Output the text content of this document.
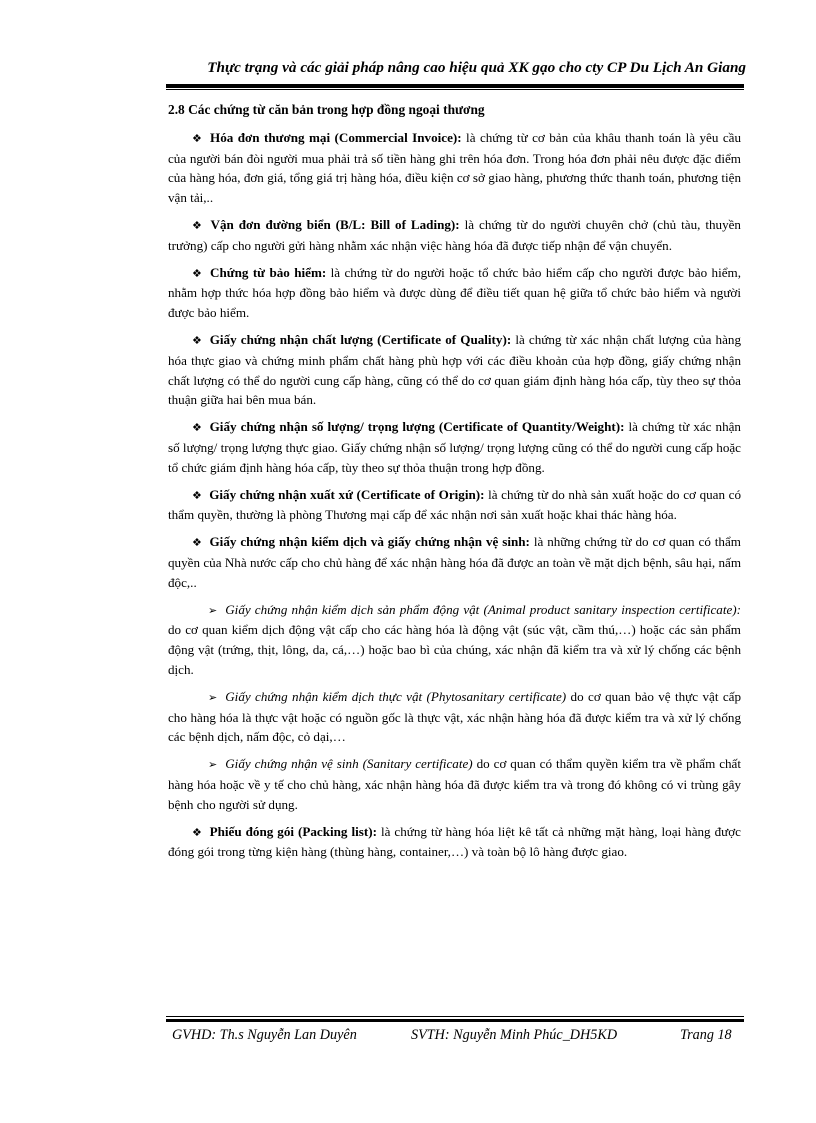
Thực trạng và các giải pháp nâng cao hiệu quả XK gạo cho cty CP Du Lịch An Giang
2.8 Các chứng từ căn bản trong hợp đồng ngoại thương

❖ Hóa đơn thương mại (Commercial Invoice): là chứng từ cơ bản của khâu thanh toán là yêu cầu của người bán đòi người mua phải trả số tiền hàng ghi trên hóa đơn. Trong hóa đơn phải nêu được đặc điểm của hàng hóa, đơn giá, tổng giá trị hàng hóa, điều kiện cơ sở giao hàng, phương thức thanh toán, phương tiện vận tải,..

❖ Vận đơn đường biển (B/L: Bill of Lading): là chứng từ do người chuyên chở (chủ tàu, thuyền trưởng) cấp cho người gửi hàng nhằm xác nhận việc hàng hóa đã được tiếp nhận để vận chuyển.

❖ Chứng từ bảo hiểm: là chứng từ do người hoặc tổ chức bảo hiểm cấp cho người được bảo hiểm, nhằm hợp thức hóa hợp đồng bảo hiểm và được dùng để điều tiết quan hệ giữa tổ chức bảo hiểm và người được bảo hiểm.

❖ Giấy chứng nhận chất lượng (Certificate of Quality): là chứng từ xác nhận chất lượng của hàng hóa thực giao và chứng minh phẩm chất hàng phù hợp với các điều khoản của hợp đồng, giấy chứng nhận chất lượng có thể do người cung cấp hàng, cũng có thể do cơ quan giám định hàng hóa cấp, tùy theo sự thỏa thuận giữa hai bên mua bán.

❖ Giấy chứng nhận số lượng/ trọng lượng (Certificate of Quantity/Weight): là chứng từ xác nhận số lượng/ trọng lượng thực giao. Giấy chứng nhận số lượng/ trọng lượng cũng có thể do người cung cấp hoặc tổ chức giám định hàng hóa cấp, tùy theo sự thỏa thuận trong hợp đồng.

❖ Giấy chứng nhận xuất xứ (Certificate of Origin): là chứng từ do nhà sản xuất hoặc do cơ quan có thẩm quyền, thường là phòng Thương mại cấp để xác nhận nơi sản xuất hoặc khai thác hàng hóa.

❖ Giấy chứng nhận kiểm dịch và giấy chứng nhận vệ sinh: là những chứng từ do cơ quan có thẩm quyền của Nhà nước cấp cho chủ hàng để xác nhận hàng hóa đã được an toàn về mặt dịch bệnh, sâu hại, nấm độc,..

➢ Giấy chứng nhận kiểm dịch sản phẩm động vật (Animal product sanitary inspection certificate): do cơ quan kiểm dịch động vật cấp cho các hàng hóa là động vật (súc vật, cầm thú,…) hoặc các sản phẩm động vật (trứng, thịt, lông, da, cá,…) hoặc bao bì của chúng, xác nhận đã kiểm tra và xử lý chống các bệnh dịch.

➢ Giấy chứng nhận kiểm dịch thực vật (Phytosanitary certificate) do cơ quan bảo vệ thực vật cấp cho hàng hóa là thực vật hoặc có nguồn gốc là thực vật, xác nhận hàng hóa đã được kiểm tra và xử lý chống các bệnh dịch, nấm độc, cỏ dại,…

➢ Giấy chứng nhận vệ sinh (Sanitary certificate) do cơ quan có thẩm quyền kiểm tra về phẩm chất hàng hóa hoặc về y tế cho chủ hàng, xác nhận hàng hóa đã được kiểm tra và trong đó không có vi trùng gây bệnh cho người sử dụng.

❖ Phiếu đóng gói (Packing list): là chứng từ hàng hóa liệt kê tất cả những mặt hàng, loại hàng được đóng gói trong từng kiện hàng (thùng hàng, container,…) và toàn bộ lô hàng được giao.

GVHD: Th.s Nguyễn Lan Duyên	SVTH: Nguyễn Minh Phúc_DH5KD	Trang 18
